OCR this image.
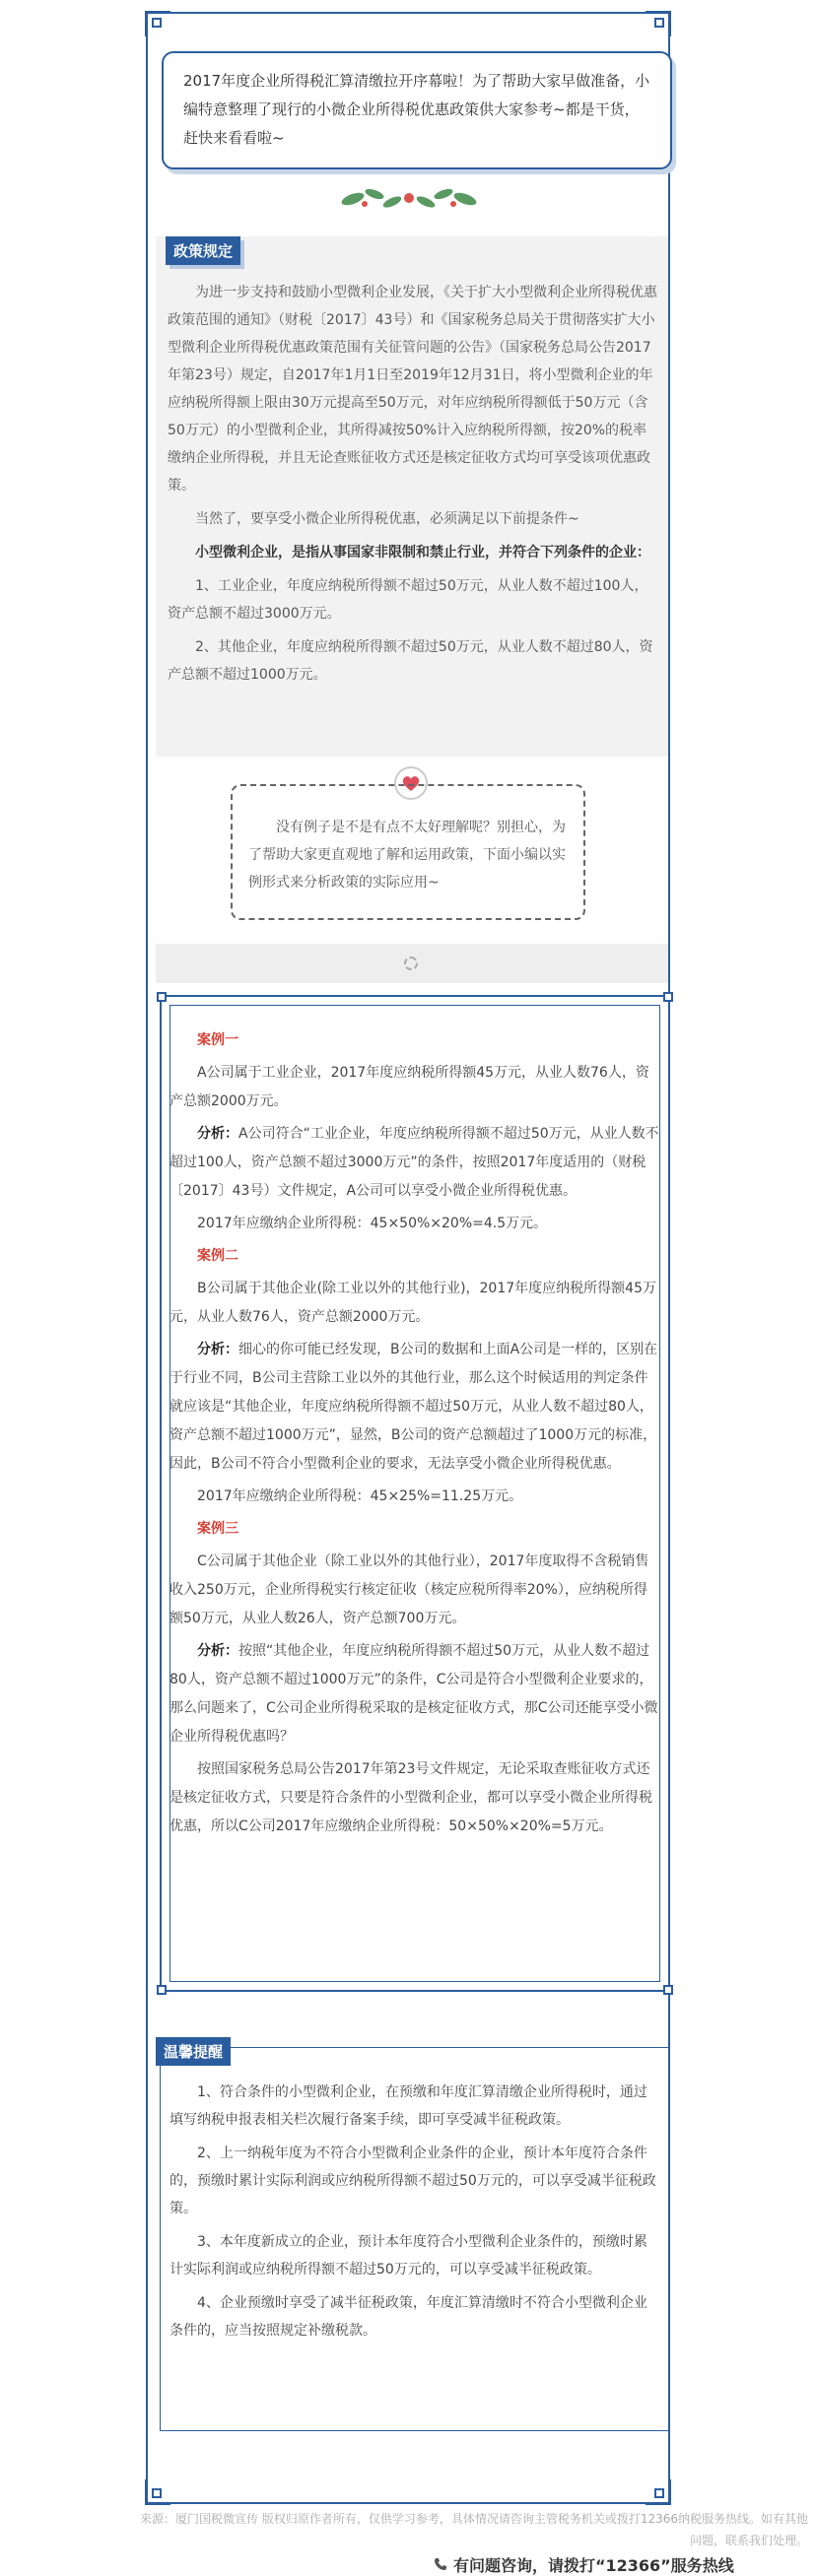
2017年度企业所得税汇算清缴拉开序幕啦！为了帮助大家早做准备，小编特意整理了现行的小微企业所得税优惠政策供大家参考~都是干货，赶快来看看啦~
政策规定

为进一步支持和鼓励小型微利企业发展，《关于扩大小型微利企业所得税优惠政策范围的通知》（财税〔2017〕43号）和《国家税务总局关于贯彻落实扩大小型微利企业所得税优惠政策范围有关征管问题的公告》（国家税务总局公告2017年第23号）规定，自2017年1月1日至2019年12月31日，将小型微利企业的年应纳税所得额上限由30万元提高至50万元，对年应纳税所得额低于50万元（含50万元）的小型微利企业，其所得减按50%计入应纳税所得额，按20%的税率缴纳企业所得税，并且无论查账征收方式还是核定征收方式均可享受该项优惠政策。

当然了，要享受小微企业所得税优惠，必须满足以下前提条件~

小型微利企业，是指从事国家非限制和禁止行业，并符合下列条件的企业：

1、工业企业，年度应纳税所得额不超过50万元，从业人数不超过100人，资产总额不超过3000万元。

2、其他企业，年度应纳税所得额不超过50万元，从业人数不超过80人，资产总额不超过1000万元。

没有例子是不是有点不太好理解呢？别担心，为了帮助大家更直观地了解和运用政策，下面小编以实例形式来分析政策的实际应用~

案例一

A公司属于工业企业，2017年度应纳税所得额45万元，从业人数76人，资产总额2000万元。

分析：A公司符合“工业企业，年度应纳税所得额不超过50万元，从业人数不超过100人，资产总额不超过3000万元”的条件，按照2017年度适用的（财税〔2017〕43号）文件规定，A公司可以享受小微企业所得税优惠。

2017年应缴纳企业所得税：45×50%×20%=4.5万元。

案例二

B公司属于其他企业(除工业以外的其他行业)，2017年度应纳税所得额45万元，从业人数76人，资产总额2000万元。

分析：细心的你可能已经发现，B公司的数据和上面A公司是一样的，区别在于行业不同，B公司主营除工业以外的其他行业，那么这个时候适用的判定条件就应该是“其他企业，年度应纳税所得额不超过50万元，从业人数不超过80人，资产总额不超过1000万元”，显然，B公司的资产总额超过了1000万元的标准，因此，B公司不符合小型微利企业的要求，无法享受小微企业所得税优惠。

2017年应缴纳企业所得税：45×25%=11.25万元。

案例三

C公司属于其他企业（除工业以外的其他行业），2017年度取得不含税销售收入250万元，企业所得税实行核定征收（核定应税所得率20%），应纳税所得额50万元，从业人数26人，资产总额700万元。

分析：按照“其他企业，年度应纳税所得额不超过50万元，从业人数不超过80人，资产总额不超过1000万元”的条件，C公司是符合小型微利企业要求的，那么问题来了，C公司企业所得税采取的是核定征收方式，那C公司还能享受小微企业所得税优惠吗？

按照国家税务总局公告2017年第23号文件规定，无论采取查账征收方式还是核定征收方式，只要是符合条件的小型微利企业，都可以享受小微企业所得税优惠，所以C公司2017年应缴纳企业所得税：50×50%×20%=5万元。

温馨提醒

1、符合条件的小型微利企业，在预缴和年度汇算清缴企业所得税时，通过填写纳税申报表相关栏次履行备案手续，即可享受减半征税政策。

2、上一纳税年度为不符合小型微利企业条件的企业，预计本年度符合条件的，预缴时累计实际利润或应纳税所得额不超过50万元的，可以享受减半征税政策。

3、本年度新成立的企业，预计本年度符合小型微利企业条件的，预缴时累计实际利润或应纳税所得额不超过50万元的，可以享受减半征税政策。

4、企业预缴时享受了减半征税政策，年度汇算清缴时不符合小型微利企业条件的，应当按照规定补缴税款。

来源：厦门国税微宣传 版权归原作者所有，仅供学习参考，具体情况请咨询主管税务机关或拨打12366纳税服务热线。如有其他问题，联系我们处理。
有问题咨询，请拨打“12366”服务热线
